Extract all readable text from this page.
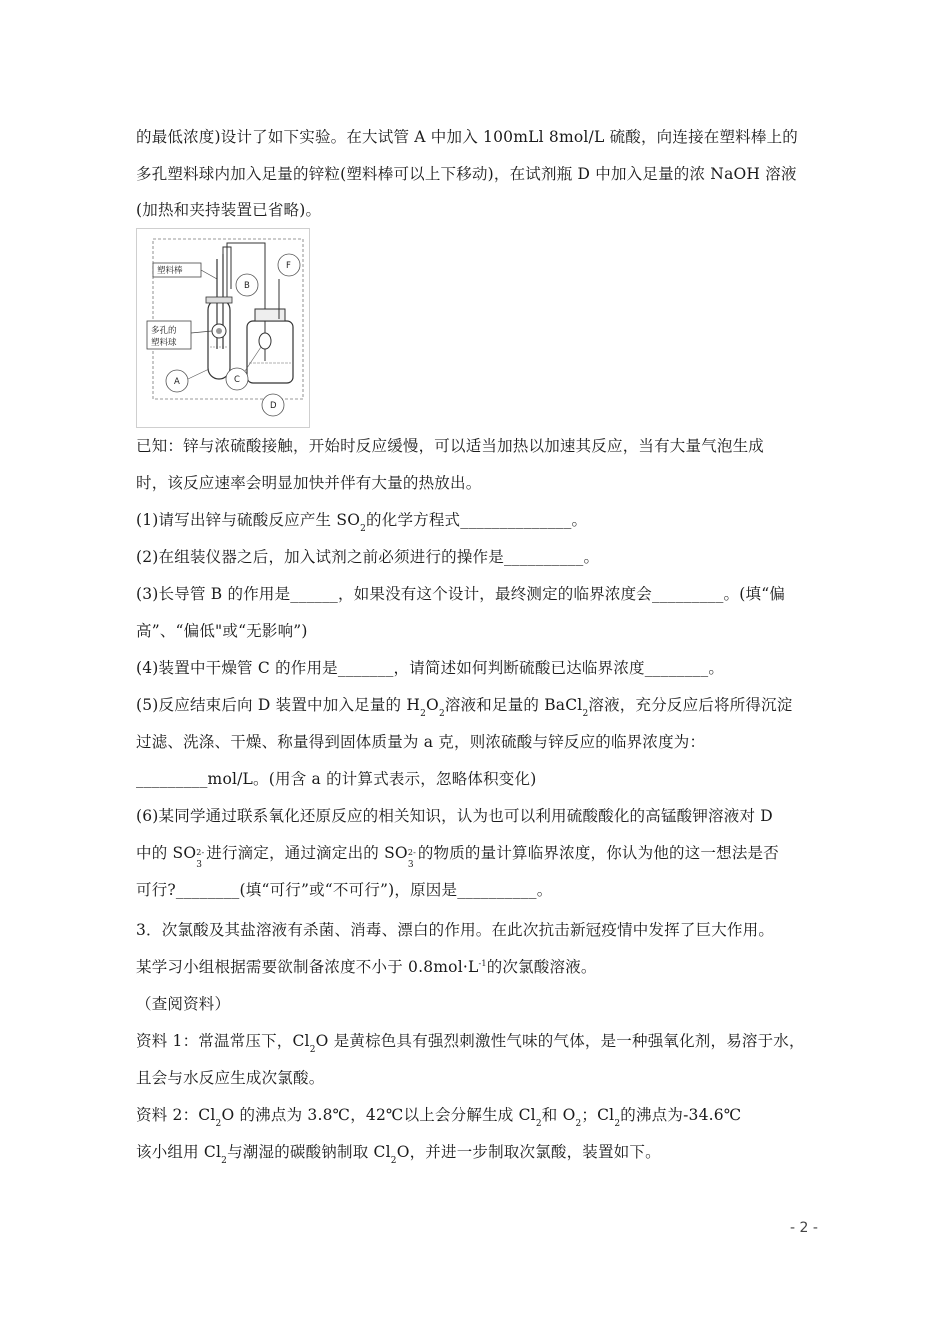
的最低浓度)设计了如下实验。在大试管 A 中加入 100mLl 8mol/L 硫酸，向连接在塑料棒上的
多孔塑料球内加入足量的锌粒(塑料棒可以上下移动)，在试剂瓶 D 中加入足量的浓 NaOH 溶液
(加热和夹持装置已省略)。
塑料棒
多孔的
塑料球
B
F
A	C
D
已知：锌与浓硫酸接触，开始时反应缓慢，可以适当加热以加速其反应，当有大量气泡生成
时，该反应速率会明显加快并伴有大量的热放出。
(1)请写出锌与硫酸反应产生 $SO_2$的化学方程式______________。
(2)在组装仪器之后，加入试剂之前必须进行的操作是__________。
(3)长导管 B 的作用是______，如果没有这个设计，最终测定的临界浓度会_________。(填“偏
高”、“偏低"或“无影响”)
(4)装置中干燥管 C 的作用是_______，请简述如何判断硫酸已达临界浓度________。
(5)反应结束后向 D 装置中加入足量的 $H_2O_2$溶液和足量的 BaCl$_2$溶液，充分反应后将所得沉淀
过滤、洗涤、干燥、称量得到固体质量为 a 克，则浓硫酸与锌反应的临界浓度为：
_________mol/L。(用含 a 的计算式表示，忽略体积变化)
(6)某同学通过联系氧化还原反应的相关知识，认为也可以利用硫酸酸化的高锰酸钾溶液对 D
中的 SO 2-
3
进行滴定，通过滴定出的 SO 2-
3
的物质的量计算临界浓度，你认为他的这一想法是否
可行?________(填“可行”或“不可行”)，原因是__________。
3．次氯酸及其盐溶液有杀菌、消毒、漂白的作用。在此次抗击新冠疫情中发挥了巨大作用。
某学习小组根据需要欲制备浓度不小于 $0.8mol\cdot L^{-1}$的次氯酸溶液。
（查阅资料）
资料 1：常温常压下，$Cl_2O$ 是黄棕色具有强烈刺激性气味的气体，是一种强氧化剂，易溶于水，
且会与水反应生成次氯酸。
资料 2：$Cl_2O$ 的沸点为 3.8℃，42℃以上会分解生成 $Cl_2$和 $O_2$；$Cl_2$的沸点为-34.6℃
该小组用 $Cl_2$与潮湿的碳酸钠制取 $Cl_2O$，并进一步制取次氯酸，装置如下。
- 2 -
